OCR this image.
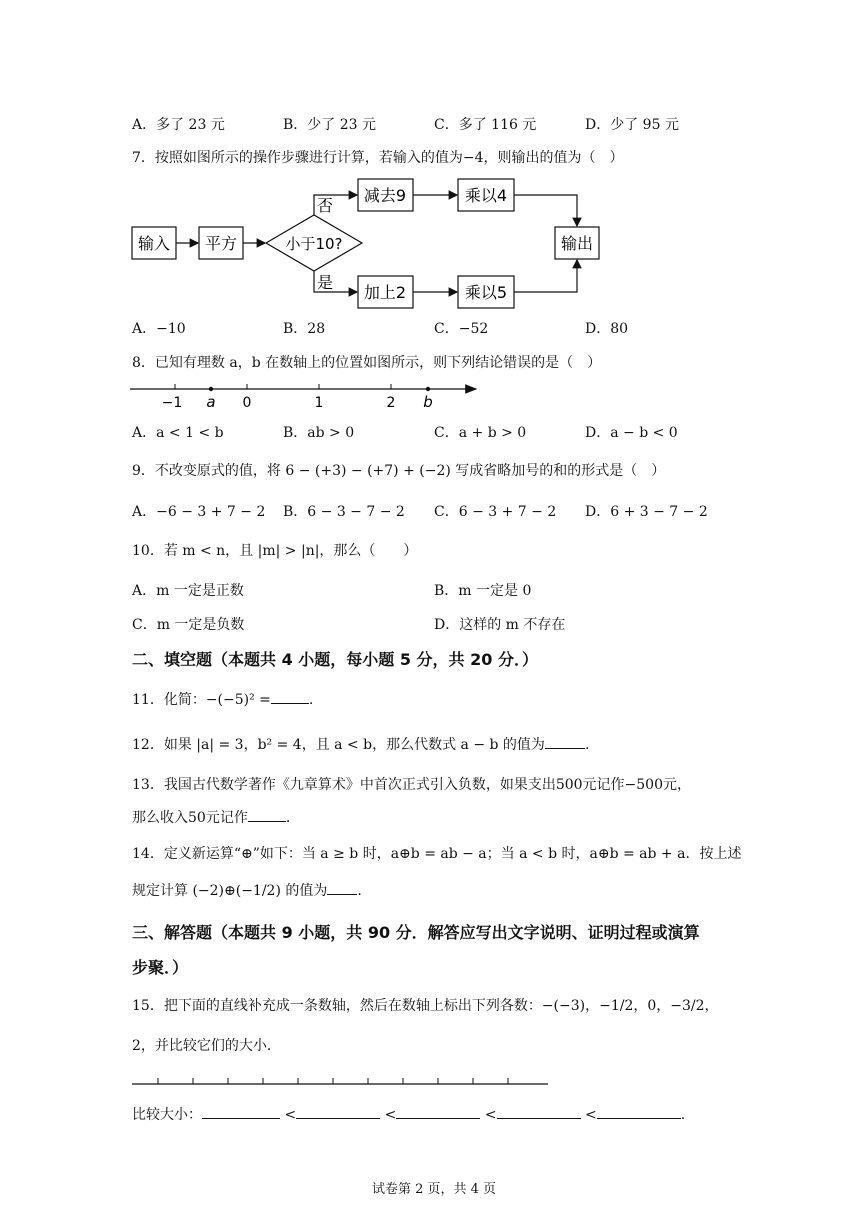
A．多了 23 元	B．少了 23 元	C．多了 116 元	D．少了 95 元
7．按照如图所示的操作步骤进行计算，若输入的值为−4，则输出的值为（　）
输入 平方	小于10?
否
是
减去9	乘以4
加上2	乘以5
输出
A．−10	B．28	C．−52	D．80
8．已知有理数 a，b 在数轴上的位置如图所示，则下列结论错误的是（　）
−1 a 0	1	2 b
A．a < 1 < b	B．ab > 0	C．a + b > 0	D．a − b < 0
9．不改变原式的值，将 6 − (+3) − (+7) + (−2) 写成省略加号的和的形式是（　）
A．−6 − 3 + 7 − 2 B．6 − 3 − 7 − 2 C．6 − 3 + 7 − 2 D．6 + 3 − 7 − 2
10．若 m < n，且 |m| > |n|，那么（　　）
A．m 一定是正数	B．m 一定是 0
C．m 一定是负数	D．这样的 m 不存在
二、填空题（本题共 4 小题，每小题 5 分，共 20 分．）
11．化简：−(−5)² =	.
12．如果 |a| = 3，b² = 4，且 a < b，那么代数式 a − b 的值为	.
13．我国古代数学著作《九章算术》中首次正式引入负数，如果支出500元记作−500元，
那么收入50元记作	.
14．定义新运算“⊕”如下：当 a ≥ b 时，a⊕b = ab − a；当 a < b 时，a⊕b = ab + a．按上述
规定计算 (−2)⊕(−1/2) 的值为 .
三、解答题（本题共 9 小题，共 90 分．解答应写出文字说明、证明过程或演算
步聚．）
15．把下面的直线补充成一条数轴，然后在数轴上标出下列各数：−(−3)，−1/2，0，−3/2，
2，并比较它们的大小．
比较大小：	<	<	<	<	.
试卷第 2 页，共 4 页
